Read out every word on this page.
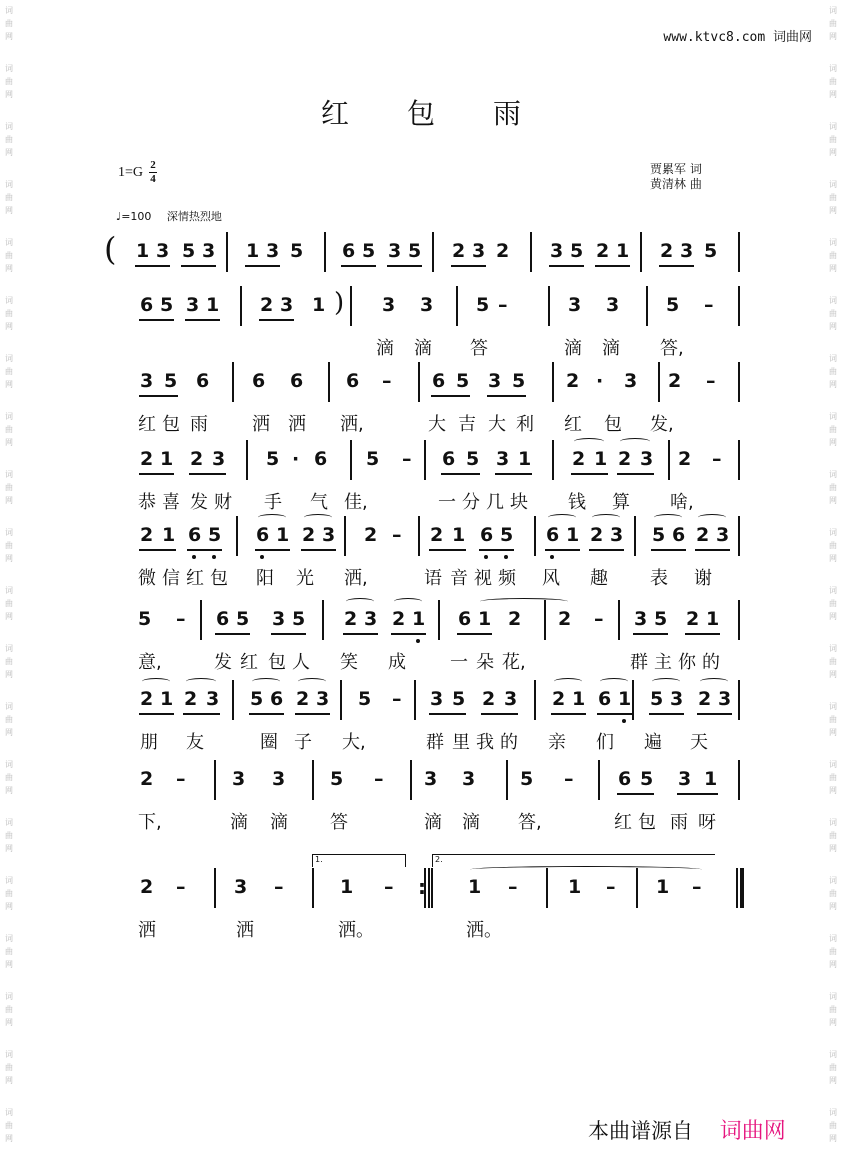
词
曲
网
词
曲
网
词
曲
网
词
曲
网
词
曲
网
词
曲
网
词
曲
网
词
曲
网
词
曲
网
词
曲
网
词
曲
网
词
曲
网
词
曲
网
词
曲
网
词
曲
网
词
曲
网
词
曲
网
词
曲
网
词
曲
网
词
曲
网
词
曲
网
词
曲
网
词
曲
网
词
曲
网
词
曲
网
词
曲
网
词
曲
网
词
曲
网
词
曲
网
词
曲
网
词
曲
网
词
曲
网
词
曲
网
词
曲
网
词
曲
网
词
曲
网
词
曲
网
词
曲
网
词
曲
网
词
曲
网
www.ktvc8.com 词曲网
红包雨
$1=G \frac{2}{4}$	贾累军 词
黄清林 曲
♩=100 深情热烈地
1 3 5 3 1 3 5 6 5 3 5 2 3 2 3 5 2 1 2 3 5
(
6 5 3 1 2 3 1	3 3 5 –	3 3 5 –
)
滴 滴 答	滴 滴 答,
3 5 6 6 6 6 – 6 5 3 5 2 · 3 2 –
红 包 雨 洒 洒 洒,	大 吉 大 利 红 包 发,
2 1 2 3 5 · 6 5 – 6 5 3 1 2 1 2 3 2 –
恭 喜 发 财 手 气 佳,	一 分 几 块 钱 算 啥,
2 1 6 5 6 1 2 3 2 – 2 1 6 5 6 1 2 3 5 6 2 3
微 信 红 包 阳 光 洒,	语 音 视 频 风 趣 表 谢
5 – 6 5 3 5 2 3 2 1 6 1 2 2 – 3 5 2 1
意,	发 红 包 人 笑 成 一 朵 花,	群 主 你 的
2 1 2 3 5 6 2 3 5 – 3 5 2 3 2 1 6 1 5 3 2 3
朋 友	圈 子 大,	群 里 我 的 亲 们 遍 天
2 – 3 3 5 – 3 3 5 – 6 5 3 1
下,	滴 滴 答	滴 滴 答,	红 包 雨 呀
2 –	3 –	1 –	1 –	1 – 1 –
:
1.	2.
洒	洒	洒。	洒。
本曲谱源自 词曲网
